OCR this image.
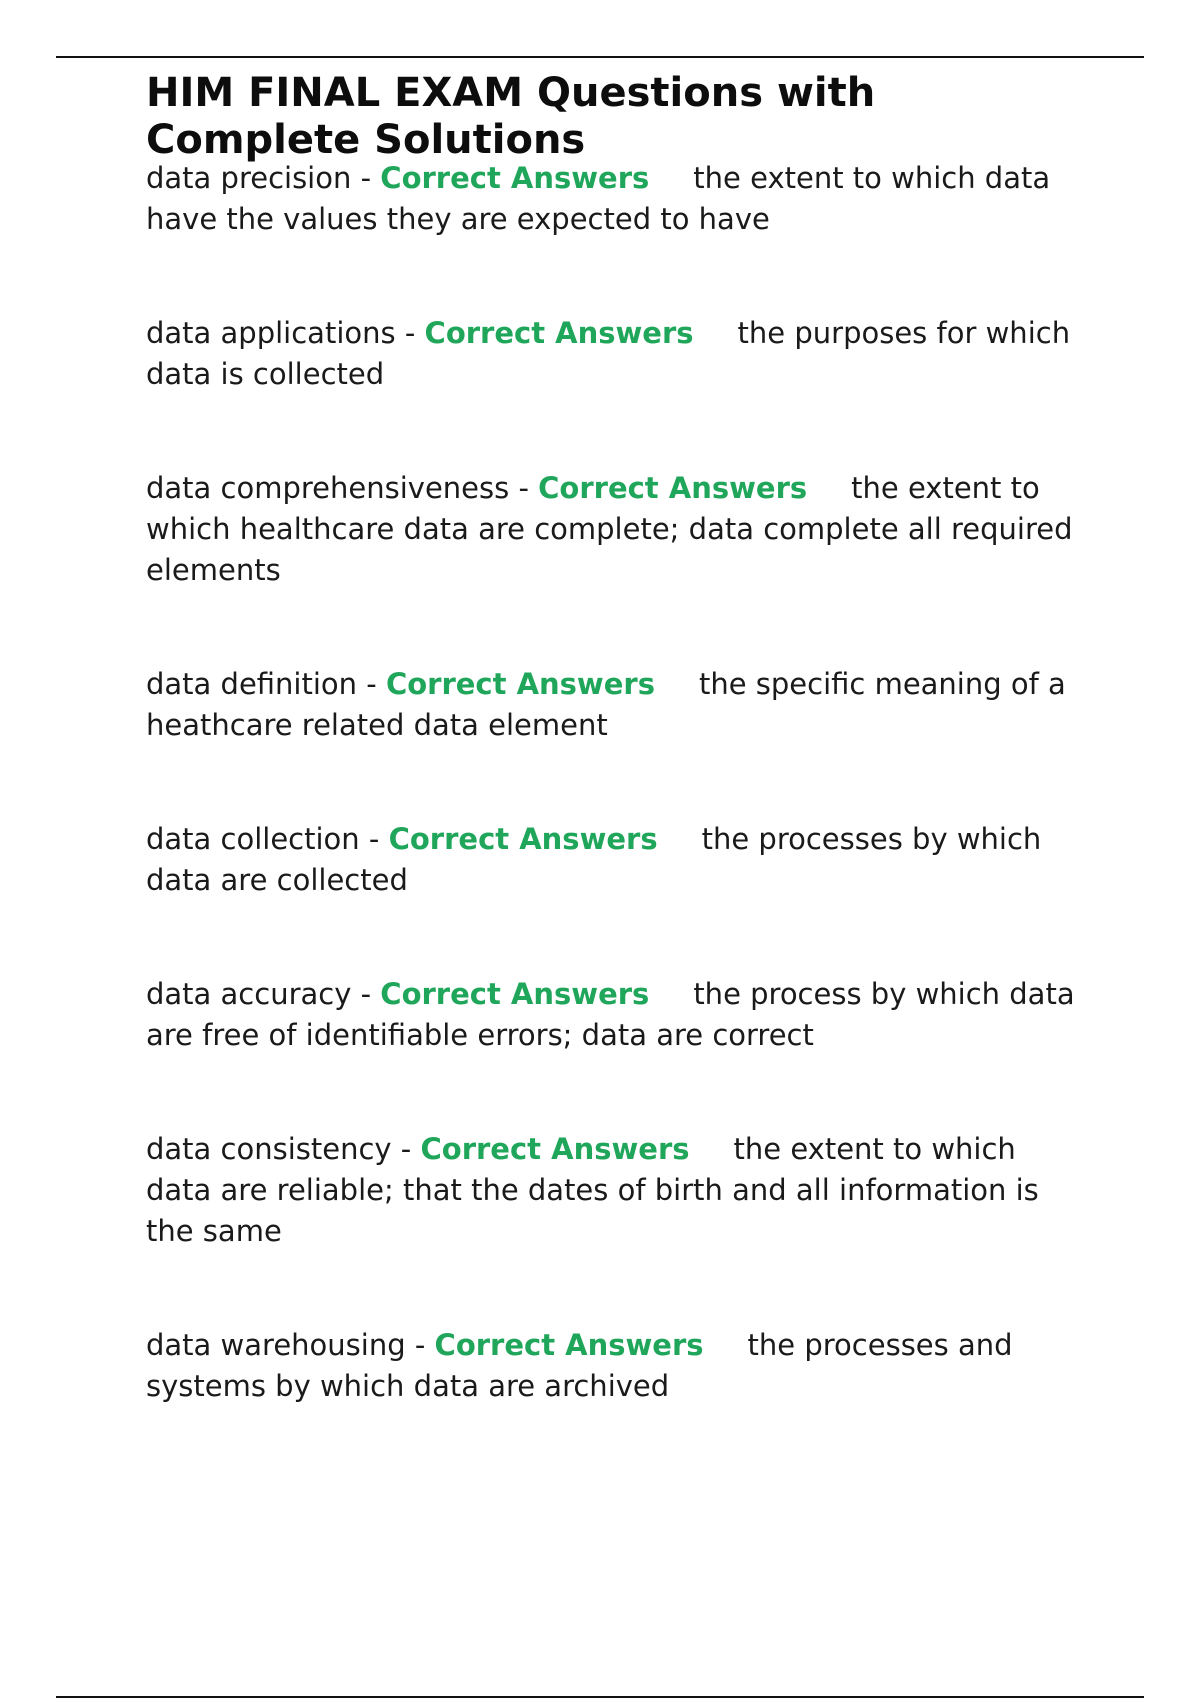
HIM FINAL EXAM Questions with Complete Solutions

data precision - Correct Answers the extent to which data have the values they are expected to have

data applications - Correct Answers the purposes for which data is collected

data comprehensiveness - Correct Answers the extent to which healthcare data are complete; data complete all required elements

data definition - Correct Answers the specific meaning of a heathcare related data element

data collection - Correct Answers the processes by which data are collected

data accuracy - Correct Answers the process by which data are free of identifiable errors; data are correct

data consistency - Correct Answers the extent to which data are reliable; that the dates of birth and all information is the same

data warehousing - Correct Answers the processes and systems by which data are archived
